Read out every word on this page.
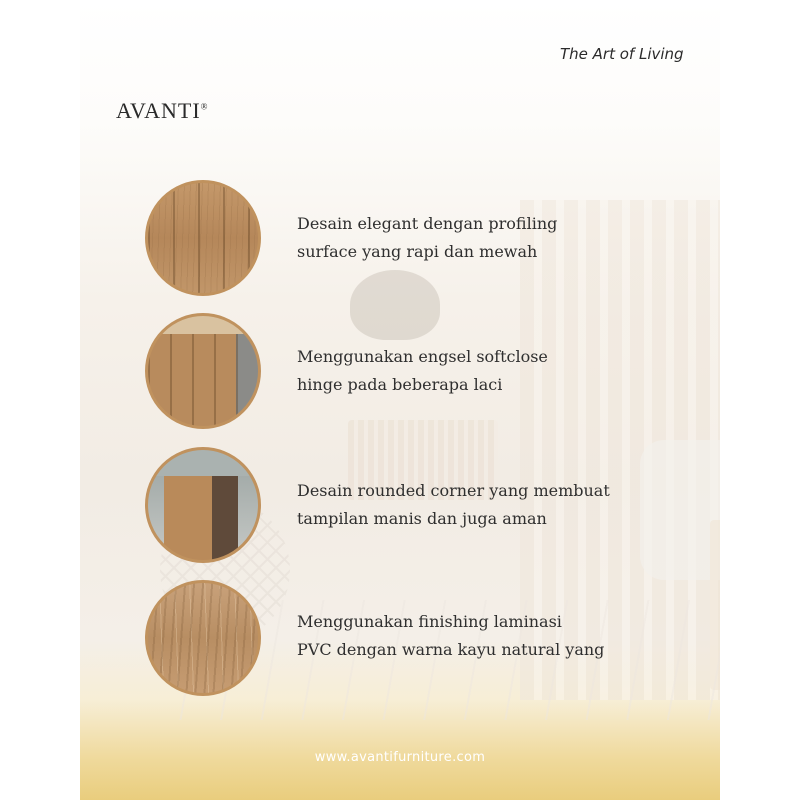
The Art of Living
AVANTI®
Desain elegant dengan profiling
surface yang rapi dan mewah
Menggunakan engsel softclose
hinge pada beberapa laci
Desain rounded corner yang membuat
tampilan manis dan juga aman
Menggunakan finishing laminasi
PVC dengan warna kayu natural yang
www.avantifurniture.com
